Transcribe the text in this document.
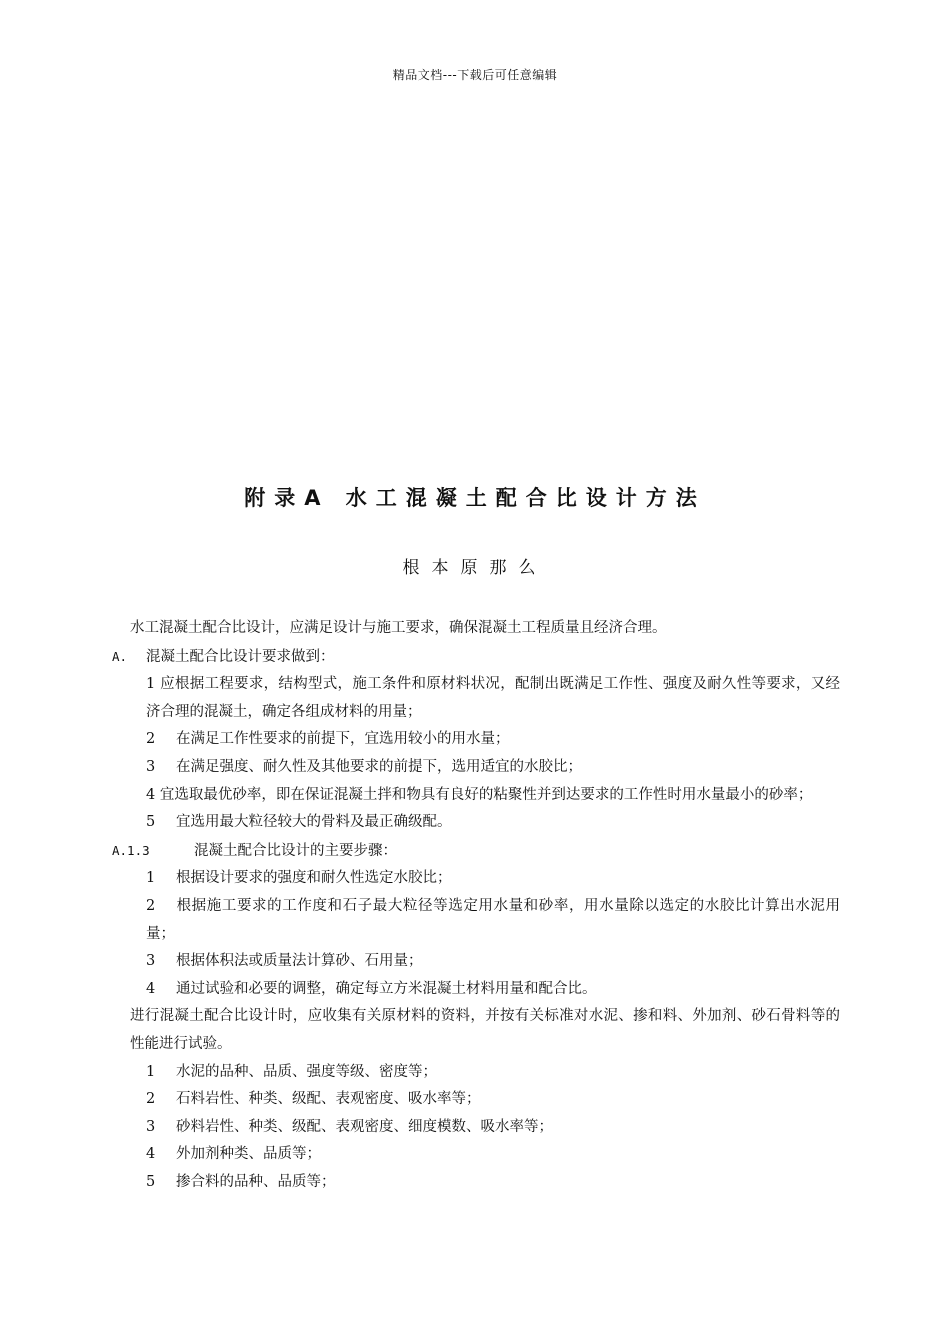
精品文档---下载后可任意编辑
附录A 水工混凝土配合比设计方法
根本原那么
水工混凝土配合比设计，应满足设计与施工要求，确保混凝土工程质量且经济合理。
A. 混凝土配合比设计要求做到：
1 应根据工程要求，结构型式，施工条件和原材料状况，配制出既满足工作性、强度及耐久性等要求，又经济合理的混凝土，确定各组成材料的用量；
2 在满足工作性要求的前提下，宜选用较小的用水量；
3 在满足强度、耐久性及其他要求的前提下，选用适宜的水胶比；
4 宜选取最优砂率，即在保证混凝土拌和物具有良好的粘聚性并到达要求的工作性时用水量最小的砂率；
5 宜选用最大粒径较大的骨料及最正确级配。
A.1.3	混凝土配合比设计的主要步骤：
1 根据设计要求的强度和耐久性选定水胶比；
2 根据施工要求的工作度和石子最大粒径等选定用水量和砂率，用水量除以选定的水胶比计算出水泥用量；
3 根据体积法或质量法计算砂、石用量；
4 通过试验和必要的调整，确定每立方米混凝土材料用量和配合比。
进行混凝土配合比设计时，应收集有关原材料的资料，并按有关标准对水泥、掺和料、外加剂、砂石骨料等的性能进行试验。
1 水泥的品种、品质、强度等级、密度等；
2 石料岩性、种类、级配、表观密度、吸水率等；
3 砂料岩性、种类、级配、表观密度、细度模数、吸水率等；
4 外加剂种类、品质等；
5 掺合料的品种、品质等；
